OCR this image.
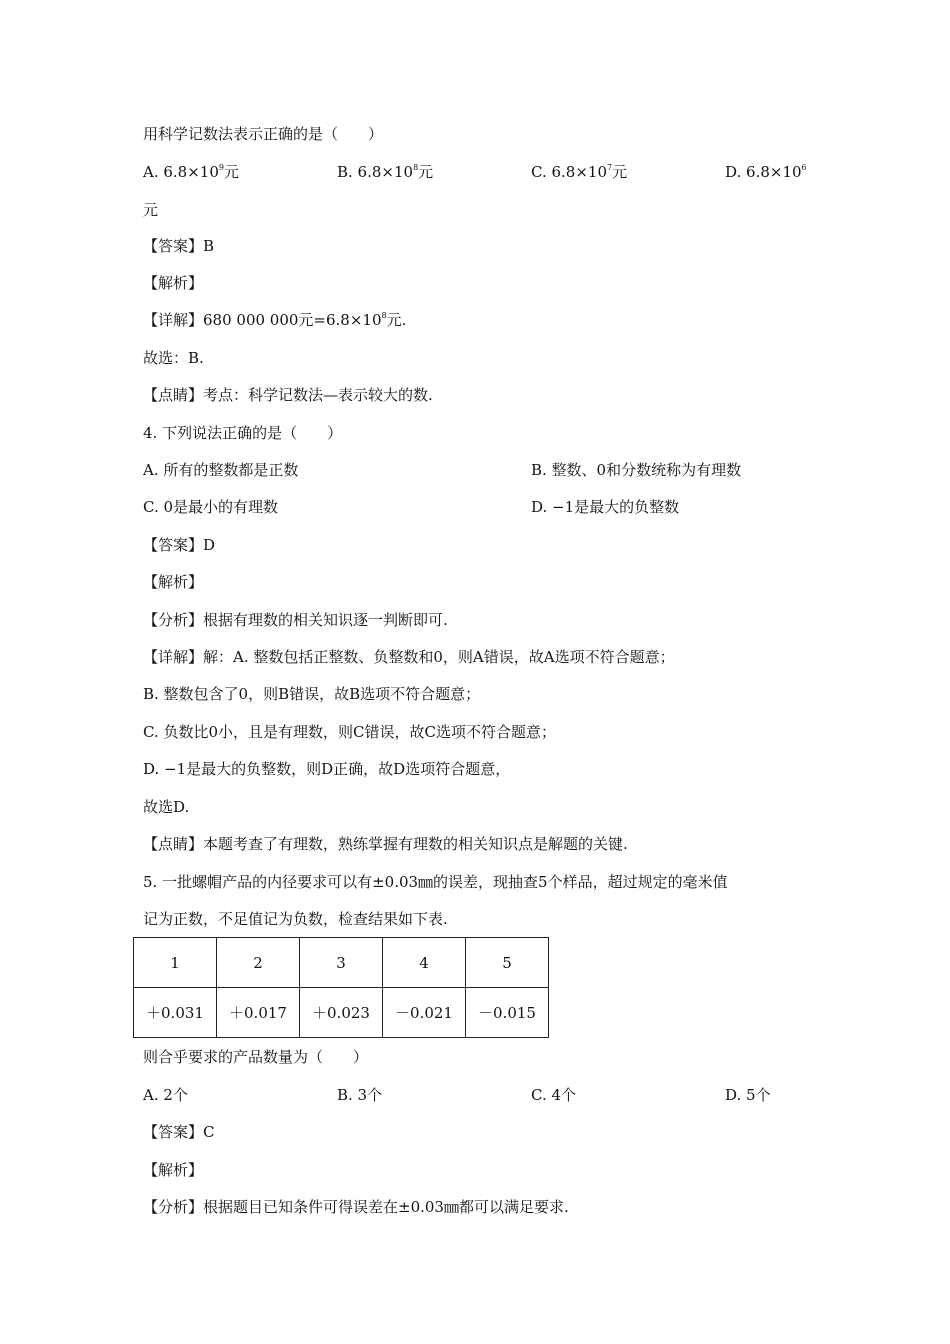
用科学记数法表示正确的是（　　）
A. $6.8\times 10^9$元	B. $6.8\times 10^8$元	C. $6.8\times 10^7$元	D. $6.8\times 10^6$
元
【答案】B
【解析】
【详解】680 000 000元$=6.8\times 10^8$元.
故选：B.
【点睛】考点：科学记数法—表示较大的数.
4. 下列说法正确的是（　　）
A. 所有的整数都是正数	B. 整数、0和分数统称为有理数
C. 0是最小的有理数	D. −1是最大的负整数
【答案】D
【解析】
【分析】根据有理数的相关知识逐一判断即可.
【详解】解：A. 整数包括正整数、负整数和0，则A错误，故A选项不符合题意；
B. 整数包含了0，则B错误，故B选项不符合题意；
C. 负数比0小，且是有理数，则C错误，故C选项不符合题意；
D. −1是最大的负整数，则D正确，故D选项符合题意，
故选D.
【点睛】本题考查了有理数，熟练掌握有理数的相关知识点是解题的关键.
5. 一批螺帽产品的内径要求可以有±0.03㎜的误差，现抽查5个样品，超过规定的毫米值
记为正数，不足值记为负数，检查结果如下表.
1	2	3	4	5
＋0.031	＋0.017	＋0.023	－0.021	－0.015
则合乎要求的产品数量为（　　）
A. 2个	B. 3个	C. 4个	D. 5个
【答案】C
【解析】
【分析】根据题目已知条件可得误差在±0.03㎜都可以满足要求.
